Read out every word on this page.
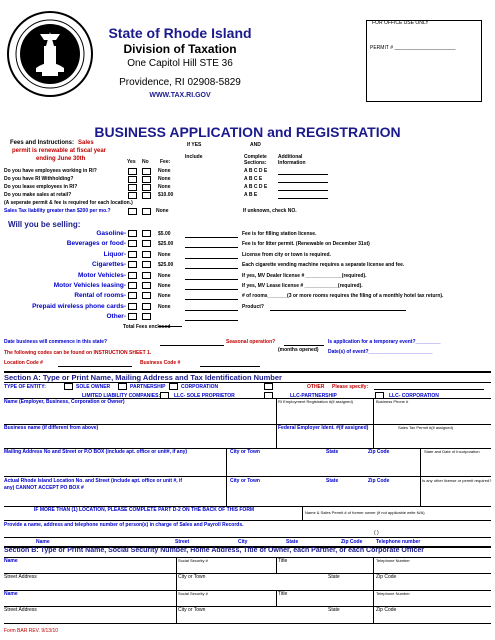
State of Rhode Island
Division of Taxation
One Capitol Hill STE 36
Providence, RI 02908-5829
WWW.TAX.RI.GOV
FOR OFFICE USE ONLY
PERMIT # ______________________
BUSINESS APPLICATION and REGISTRATION
Fees and Instructions: Sales
permit is renewable at fiscal year
ending June 30th
If YES	AND
Include	Complete
Sections:
Additional
Information
Yes No Fee:
Do you have employees working in RI?	None	A B C D E
Do you have RI Withholding?	None	A B C E
Do you lease employees in RI?	None	A B C D E
Do you make sales at retail?	$10.00	A B E
(A seperate permit & fee is required for each location.)
Sales Tax liability greater than $200 per mo.?	None	If unknown, check NO.
Will you be selling:
Gasoline-	$5.00	Fee is for filling station license.
Beverages or food-	$25.00	Fee is for litter permit. (Renewable on December 31st)
Liquor-	None	License from city or town is required.
Cigarettes-	$25.00	Each cigarette vending machine requires a separate license and fee.
Motor Vehicles-	None	If yes, MV Dealer license # _____________(required).
Motor Vehicles leasing-	None	If yes, MV Lease license # ____________(required).
Rental of rooms-	None	# of rooms_______(3 or more rooms requires the filing of a monthly hotel tax return).
Prepaid wireless phone cards-	None	Product?
Other-
Total Fees enclosed
Date business will commence in this state?	Seasonal operation?
(months opened)
Is application for a temporary event?_________
The following codes can be found on INSTRUCTION SHEET 1.	Date(s) of event?_______________________
Location Code #	Business Code #
Section A: Type or Print Name, Mailing Address and Tax Identification Number
TYPE OF ENTITY:	SOLE OWNER	PARTNERSHIP	CORPORATION	OTHER Please specify:
LIMITED LIABILITY COMPANIES:	LLC- SOLE PROPRIETOR	LLC-PARTNERSHIP	LLC- CORPORATION
Name (Employer, Business, Corporation or Owner)	RI Employment Registration #(if assigned)	Business Phone #
Business name (if different from above)	Federal Employer Ident. #(if assigned)	Sales Tax Permit #(if assigned)
Mailing Address No and Street or P.O BOX (include apt. office or unit#, if any)	City or Town	State	Zip Code	State and Date of Incorporation
Actual Rhode Island Location No. and Street (include apt. office or unit #, if
any) CANNOT ACCEPT PO BOX #
City or Town	State	Zip Code	Is any other license or permit required?
IF MORE THAN (1) LOCATION, PLEASE COMPLETE PART D-2 ON THE BACK OF THIS FORM	Name & Sales Permit # of former owner (if not applicable write N/A)
Provide a name, address and telephone number of person(s) in charge of Sales and Payroll Records.
( )
Name	Street	City	State	Zip Code	Telephone number
Section B: Type or Print Name, Social Security Number, Home Address, Title of Owner, each Partner, or each Corporate Officer
Name	Social Security #	Title	Telephone Number
Street Address	City or Town	State	Zip Code
Name	Social Security #	Title	Telephone Number
Street Address	City or Town	State	Zip Code
Form BAR REV. 9/13/10
